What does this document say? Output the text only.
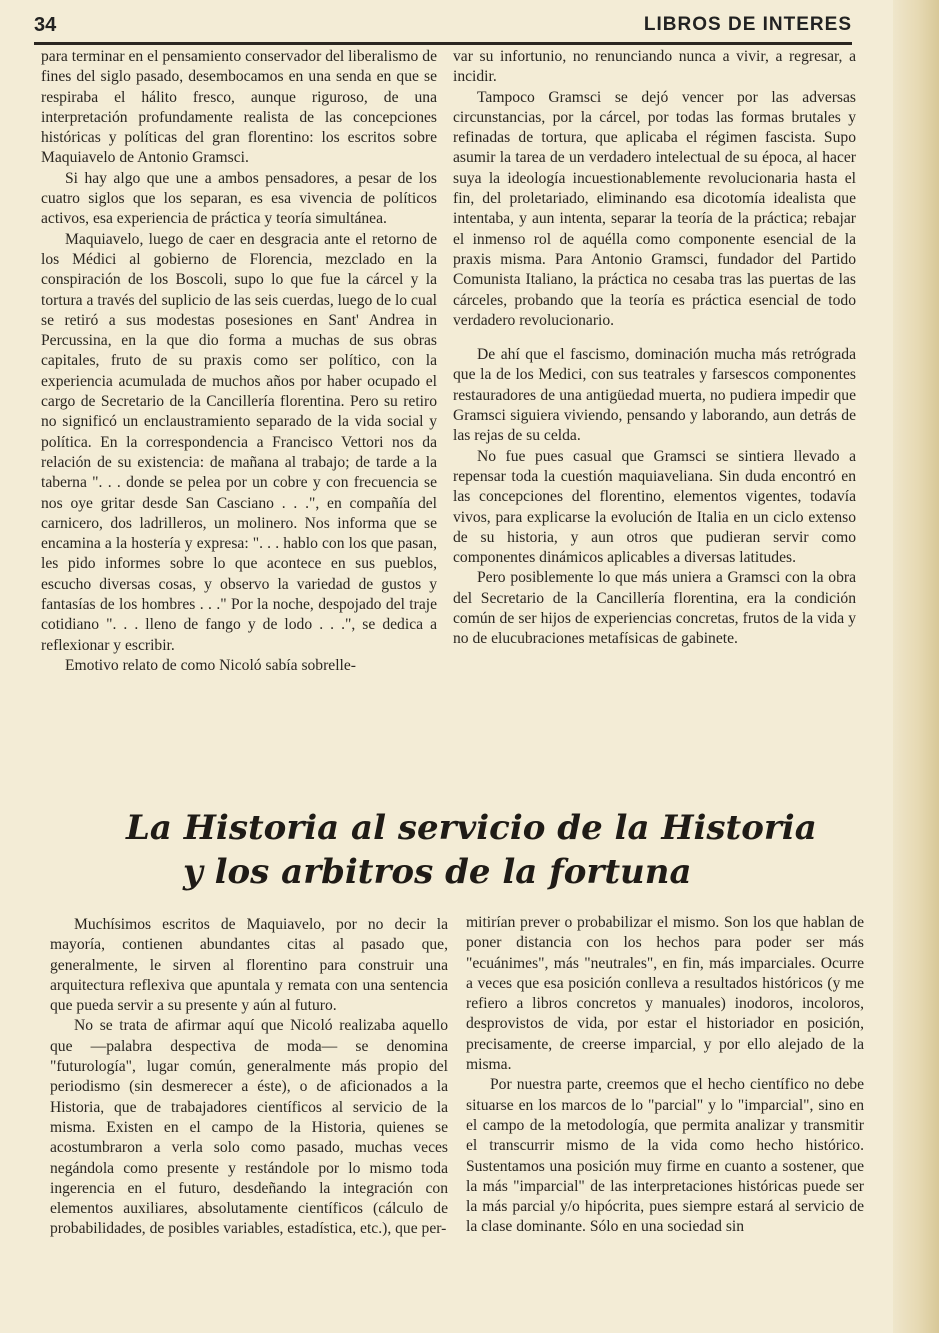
34	LIBROS DE INTERES

para terminar en el pensamiento conservador del liberalismo de fines del siglo pasado, desembocamos en una senda en que se respiraba el hálito fresco, aunque riguroso, de una interpretación profundamente realista de las concepciones históricas y políticas del gran florentino: los escritos sobre Maquiavelo de Antonio Gramsci.

Si hay algo que une a ambos pensadores, a pesar de los cuatro siglos que los separan, es esa vivencia de políticos activos, esa experiencia de práctica y teoría simultánea.

Maquiavelo, luego de caer en desgracia ante el retorno de los Médici al gobierno de Florencia, mezclado en la conspiración de los Boscoli, supo lo que fue la cárcel y la tortura a través del suplicio de las seis cuerdas, luego de lo cual se retiró a sus modestas posesiones en Sant' Andrea in Percussina, en la que dio forma a muchas de sus obras capitales, fruto de su praxis como ser político, con la experiencia acumulada de muchos años por haber ocupado el cargo de Secretario de la Cancillería florentina. Pero su retiro no significó un enclaustramiento separado de la vida social y política. En la correspondencia a Francisco Vettori nos da relación de su existencia: de mañana al trabajo; de tarde a la taberna ". . . donde se pelea por un cobre y con frecuencia se nos oye gritar desde San Casciano . . .", en compañía del carnicero, dos ladrilleros, un molinero. Nos informa que se encamina a la hostería y expresa: ". . . hablo con los que pasan, les pido informes sobre lo que acontece en sus pueblos, escucho diversas cosas, y observo la variedad de gustos y fantasías de los hombres . . ." Por la noche, despojado del traje cotidiano ". . . lleno de fango y de lodo . . .", se dedica a reflexionar y escribir.

Emotivo relato de como Nicoló sabía sobrelle-

var su infortunio, no renunciando nunca a vivir, a regresar, a incidir.

Tampoco Gramsci se dejó vencer por las adversas circunstancias, por la cárcel, por todas las formas brutales y refinadas de tortura, que aplicaba el régimen fascista. Supo asumir la tarea de un verdadero intelectual de su época, al hacer suya la ideología incuestionablemente revolucionaria hasta el fin, del proletariado, eliminando esa dicotomía idealista que intentaba, y aun intenta, separar la teoría de la práctica; rebajar el inmenso rol de aquélla como componente esencial de la praxis misma. Para Antonio Gramsci, fundador del Partido Comunista Italiano, la práctica no cesaba tras las puertas de las cárceles, probando que la teoría es práctica esencial de todo verdadero revolucionario.

De ahí que el fascismo, dominación mucha más retrógrada que la de los Medici, con sus teatrales y farsescos componentes restauradores de una antigüedad muerta, no pudiera impedir que Gramsci siguiera viviendo, pensando y laborando, aun detrás de las rejas de su celda.

No fue pues casual que Gramsci se sintiera llevado a repensar toda la cuestión maquiaveliana. Sin duda encontró en las concepciones del florentino, elementos vigentes, todavía vivos, para explicarse la evolución de Italia en un ciclo extenso de su historia, y aun otros que pudieran servir como componentes dinámicos aplicables a diversas latitudes.

Pero posiblemente lo que más uniera a Gramsci con la obra del Secretario de la Cancillería florentina, era la condición común de ser hijos de experiencias concretas, frutos de la vida y no de elucubraciones metafísicas de gabinete.

La Historia al servicio de la Historia
y los arbitros de la fortuna

Muchísimos escritos de Maquiavelo, por no decir la mayoría, contienen abundantes citas al pasado que, generalmente, le sirven al florentino para construir una arquitectura reflexiva que apuntala y remata con una sentencia que pueda servir a su presente y aún al futuro.

No se trata de afirmar aquí que Nicoló realizaba aquello que —palabra despectiva de moda— se denomina "futurología", lugar común, generalmente más propio del periodismo (sin desmerecer a éste), o de aficionados a la Historia, que de trabajadores científicos al servicio de la misma. Existen en el campo de la Historia, quienes se acostumbraron a verla solo como pasado, muchas veces negándola como presente y restándole por lo mismo toda ingerencia en el futuro, desdeñando la integración con elementos auxiliares, absolutamente científicos (cálculo de probabilidades, de posibles variables, estadística, etc.), que per-

mitirían prever o probabilizar el mismo. Son los que hablan de poner distancia con los hechos para poder ser más "ecuánimes", más "neutrales", en fin, más imparciales. Ocurre a veces que esa posición conlleva a resultados históricos (y me refiero a libros concretos y manuales) inodoros, incoloros, desprovistos de vida, por estar el historiador en posición, precisamente, de creerse imparcial, y por ello alejado de la misma.

Por nuestra parte, creemos que el hecho científico no debe situarse en los marcos de lo "parcial" y lo "imparcial", sino en el campo de la metodología, que permita analizar y transmitir el transcurrir mismo de la vida como hecho histórico. Sustentamos una posición muy firme en cuanto a sostener, que la más "imparcial" de las interpretaciones históricas puede ser la más parcial y/o hipócrita, pues siempre estará al servicio de la clase dominante. Sólo en una sociedad sin
